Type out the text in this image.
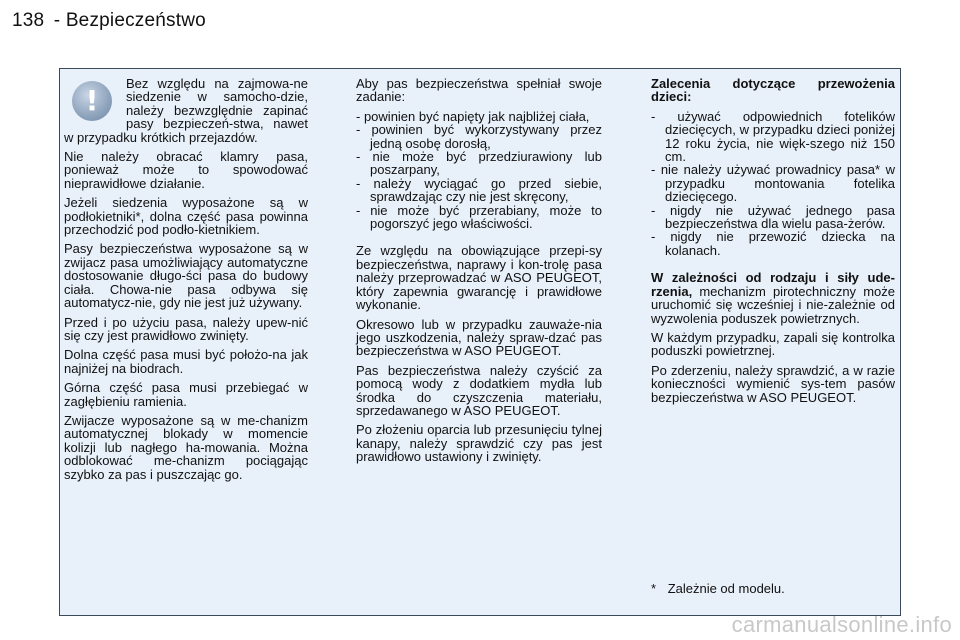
138 - Bezpieczeństwo
!

Bez względu na zajmowa-ne siedzenie w samocho-dzie, należy bezwzględnie zapinać pasy bezpieczeń-stwa, nawet w przypadku krótkich przejazdów.

Nie należy obracać klamry pasa, ponieważ może to spowodować nieprawidłowe działanie.

Jeżeli siedzenia wyposażone są w podłokietniki*, dolna część pasa powinna przechodzić pod podło-kietnikiem.

Pasy bezpieczeństwa wyposażone są w zwijacz pasa umożliwiający automatyczne dostosowanie długo-ści pasa do budowy ciała. Chowa-nie pasa odbywa się automatycz-nie, gdy nie jest już używany.

Przed i po użyciu pasa, należy upew-nić się czy jest prawidłowo zwinięty.

Dolna część pasa musi być położo-na jak najniżej na biodrach.

Górna część pasa musi przebiegać w zagłębieniu ramienia.

Zwijacze wyposażone są w me-chanizm automatycznej blokady w momencie kolizji lub nagłego ha-mowania. Można odblokować me-chanizm pociągając szybko za pas i puszczając go.

Aby pas bezpieczeństwa spełniał swoje zadanie:

- powinien być napięty jak najbliżej ciała,
- powinien być wykorzystywany przez jedną osobę dorosłą,
- nie może być przedziurawiony lub poszarpany,
- należy wyciągać go przed siebie, sprawdzając czy nie jest skręcony,
- nie może być przerabiany, może to pogorszyć jego właściwości.

Ze względu na obowiązujące przepi-sy bezpieczeństwa, naprawy i kon-trolę pasa należy przeprowadzać w ASO PEUGEOT, który zapewnia gwarancję i prawidłowe wykonanie.

Okresowo lub w przypadku zauważe-nia jego uszkodzenia, należy spraw-dzać pas bezpieczeństwa w ASO PEUGEOT.

Pas bezpieczeństwa należy czyścić za pomocą wody z dodatkiem mydła lub środka do czyszczenia materiału, sprzedawanego w ASO PEUGEOT.

Po złożeniu oparcia lub przesunięciu tylnej kanapy, należy sprawdzić czy pas jest prawidłowo ustawiony i zwinięty.

Zalecenia dotyczące przewożenia dzieci:

- używać odpowiednich fotelików dziecięcych, w przypadku dzieci poniżej 12 roku życia, nie więk-szego niż 150 cm.
- nie należy używać prowadnicy pasa* w przypadku montowania fotelika dziecięcego.
- nigdy nie używać jednego pasa bezpieczeństwa dla wielu pasa-żerów.
- nigdy nie przewozić dziecka na kolanach.

W zależności od rodzaju i siły ude-rzenia, mechanizm pirotechniczny może uruchomić się wcześniej i nie-zależnie od wyzwolenia poduszek powietrznych.

W każdym przypadku, zapali się kontrolka poduszki powietrznej.

Po zderzeniu, należy sprawdzić, a w razie konieczności wymienić sys-tem pasów bezpieczeństwa w ASO PEUGEOT.

* Zależnie od modelu.
carmanualsonline.info
